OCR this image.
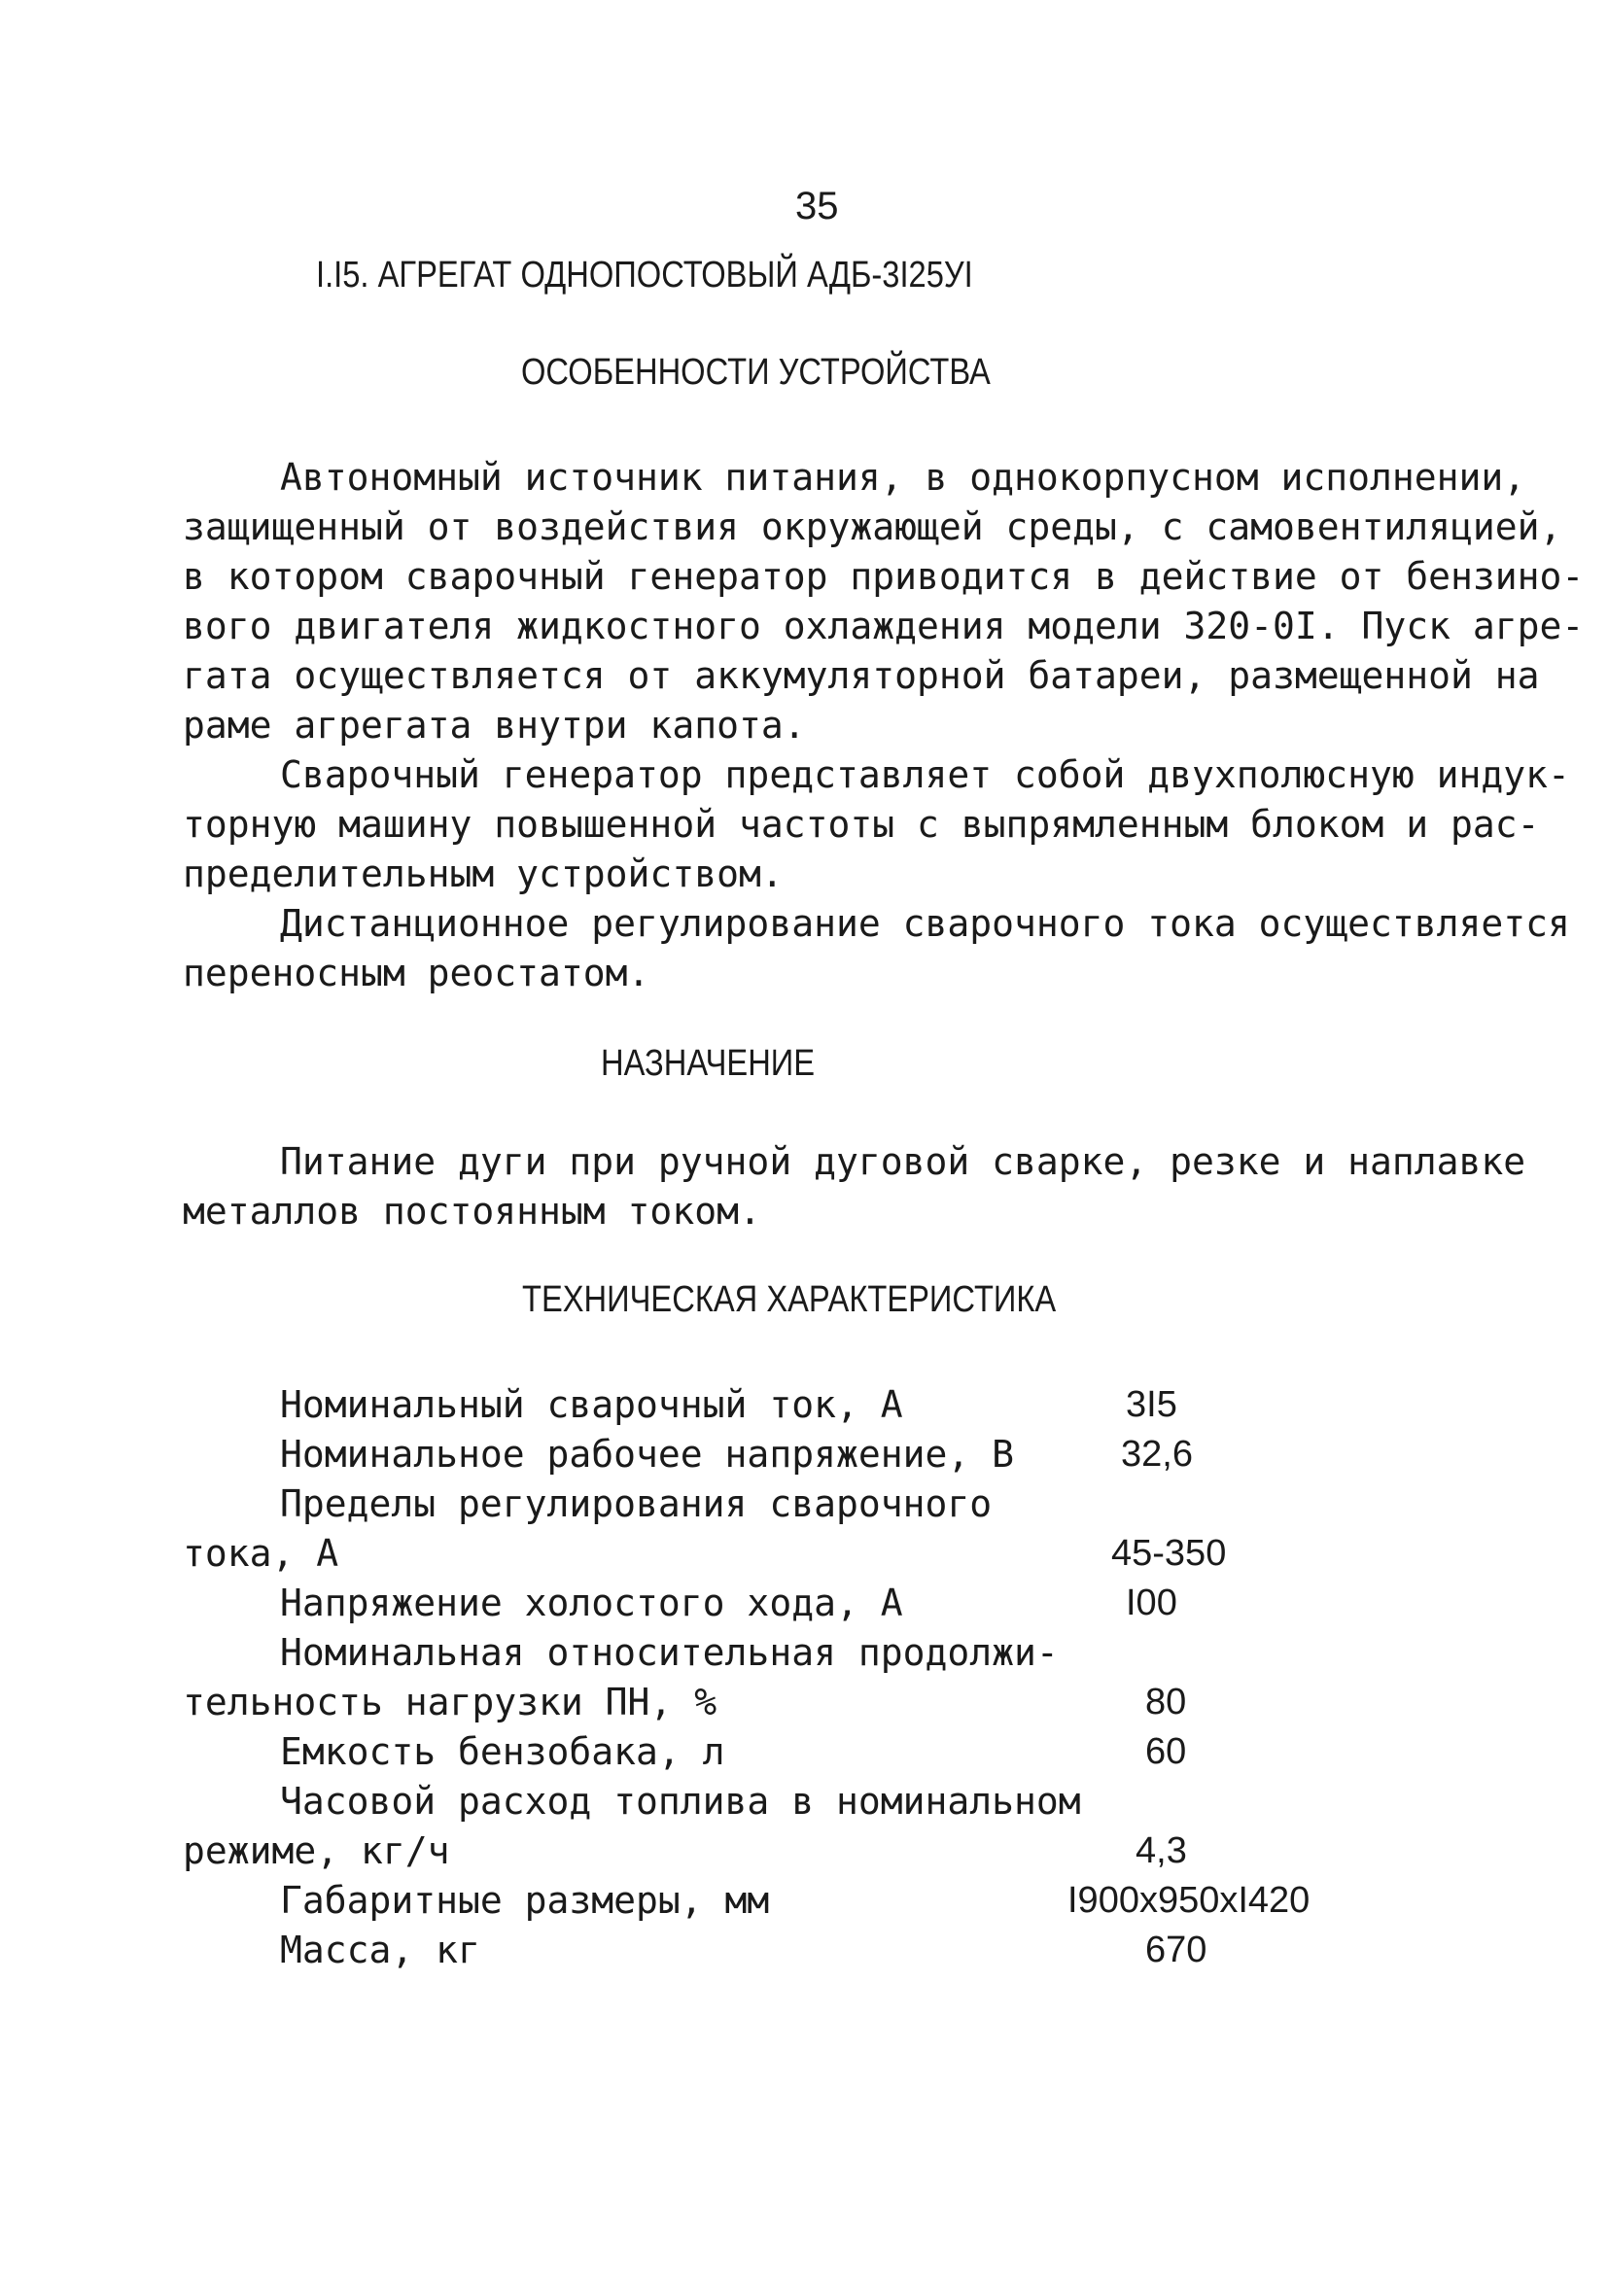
35
I.I5. АГРЕГАТ ОДНОПОСТОВЫЙ АДБ-3I25УI
ОСОБЕННОСТИ УСТРОЙСТВА
Автономный источник питания, в однокорпусном исполнении,
защищенный от воздействия окружающей среды, с самовентиляцией,
в котором сварочный генератор приводится в действие от бензино-
вого двигателя жидкостного охлаждения модели 320-0I. Пуск агре-
гата осуществляется от аккумуляторной батареи, размещенной на
раме агрегата внутри капота.
Сварочный генератор представляет собой двухполюсную индук-
торную машину повышенной частоты с выпрямленным блоком и рас-
пределительным устройством.
Дистанционное регулирование сварочного тока осуществляется
переносным реостатом.
НАЗНАЧЕНИЕ
Питание дуги при ручной дуговой сварке, резке и наплавке
металлов постоянным током.
ТЕХНИЧЕСКАЯ ХАРАКТЕРИСТИКА
Номинальный сварочный ток, А	3I5
Номинальное рабочее напряжение, В	32,6
Пределы регулирования сварочного
тока, А	45-350
Напряжение холостого хода, А	I00
Номинальная относительная продолжи-
тельность нагрузки ПН, %	80
Емкость бензобака, л	60
Часовой расход топлива в номинальном
режиме, кг/ч	4,3
Габаритные размеры, мм	I900x950xI420
Масса, кг	670
